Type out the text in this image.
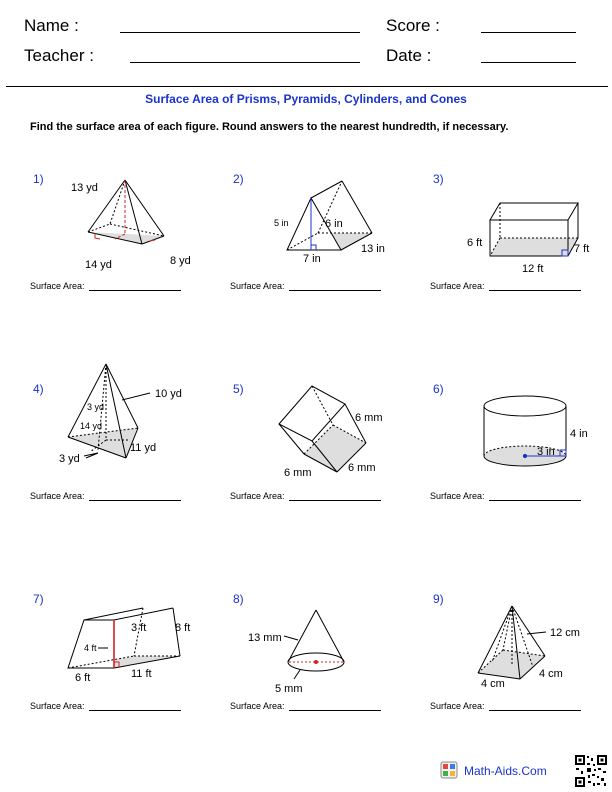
Name :
Teacher :
Score :
Date :
Surface Area of Prisms, Pyramids, Cylinders, and Cones
Find the surface area of each figure. Round answers to the nearest hundredth, if necessary.
1)	2)	3)
4)	5)	6)
7)	8)	9)
Surface Area:	Surface Area:	Surface Area:
Surface Area:	Surface Area:	Surface Area:
Surface Area:	Surface Area:	Surface Area:
13 yd
14 yd	8 yd
5 in	6 in
13 in
7 in
6 ft	7 ft
12 ft
10 yd
3 yd
14 yd
11 yd
3 yd
6 mm
6 mm
6 mm
4 in
3 in
3 ft	8 ft
4 ft
6 ft	11 ft
13 mm
5 mm
12 cm
4 cm
4 cm
Math-Aids.Com
